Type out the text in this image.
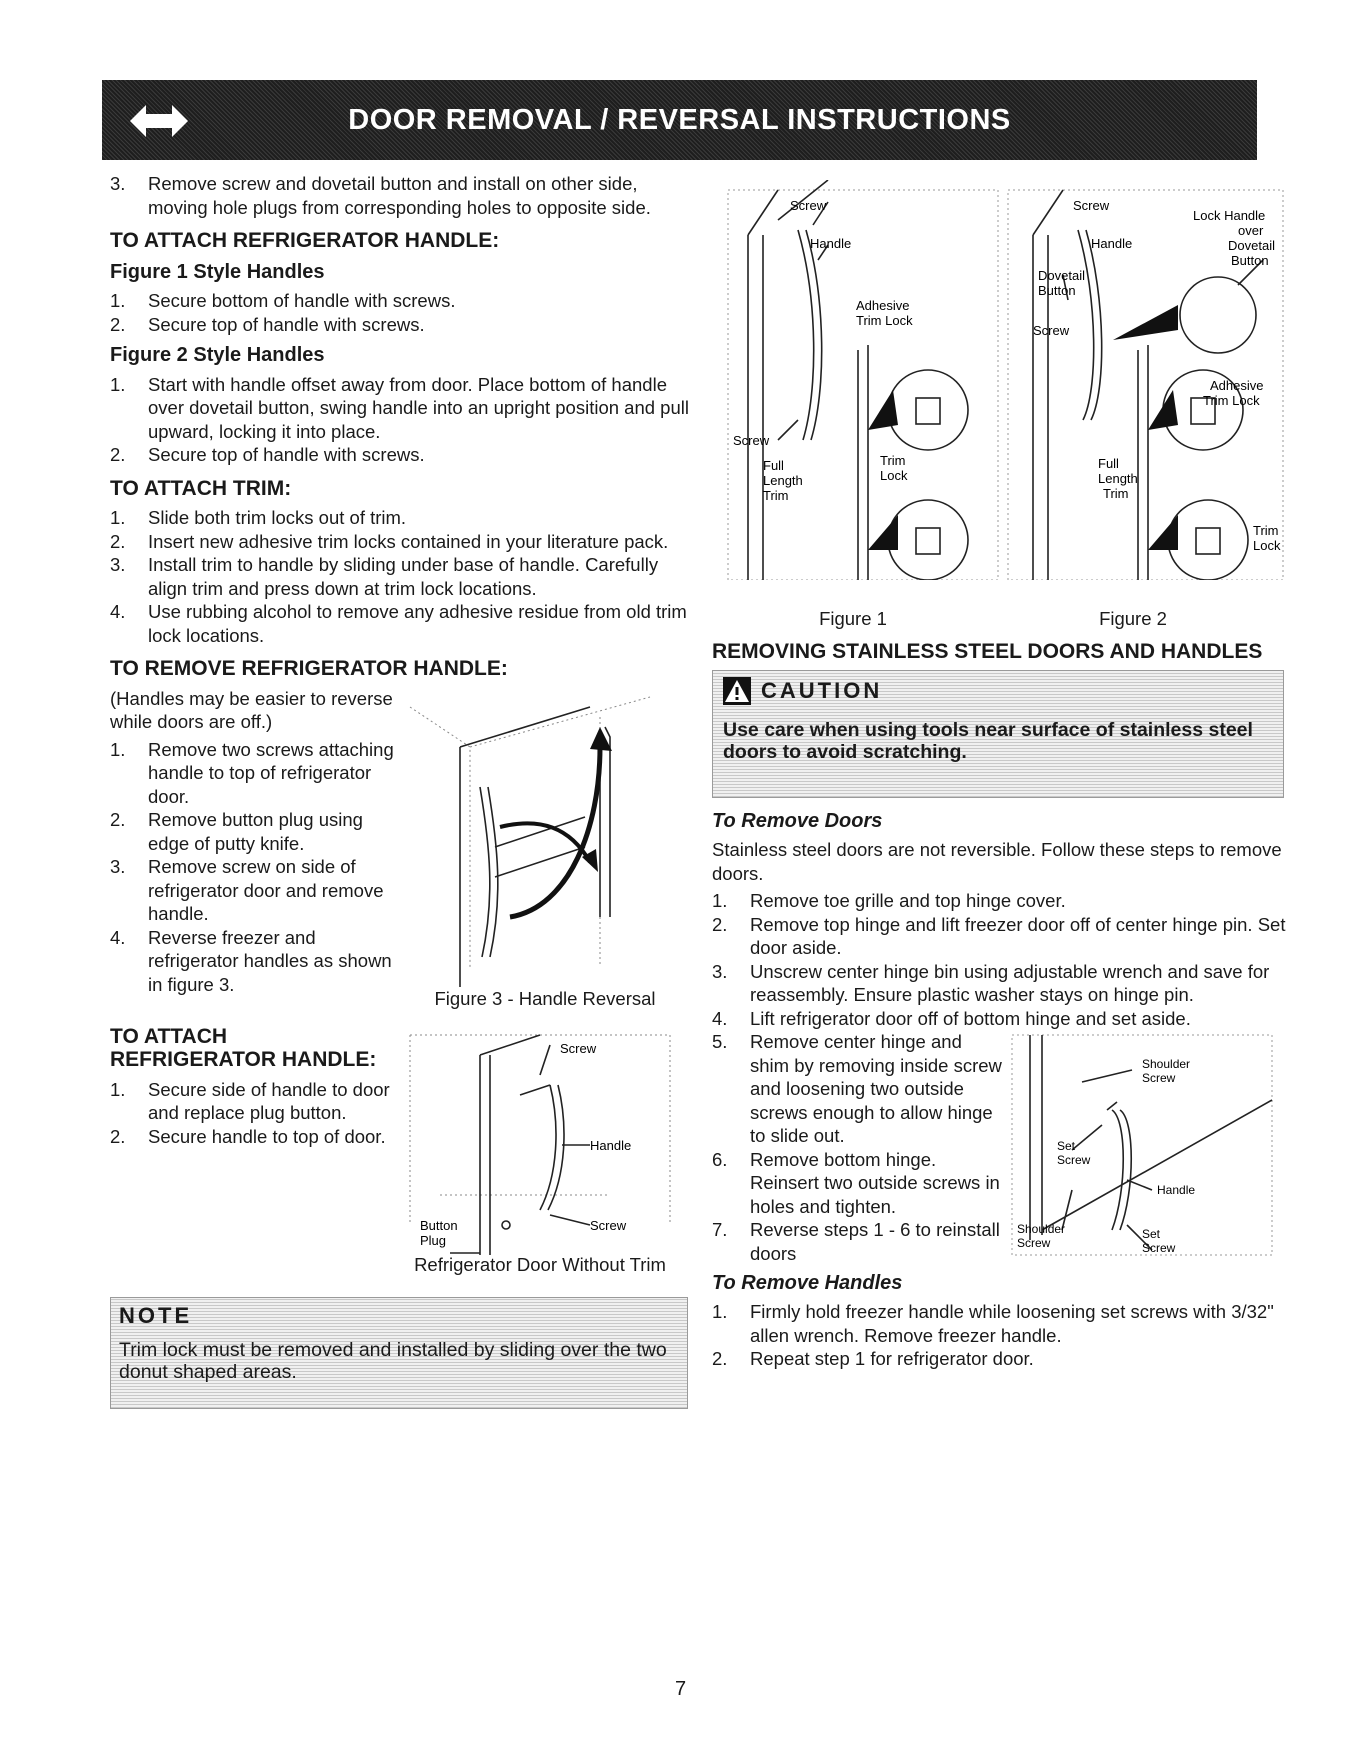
DOOR REMOVAL / REVERSAL INSTRUCTIONS
3.	Remove screw and dovetail button and install on other side, moving hole plugs from corresponding holes to opposite side.
TO ATTACH REFRIGERATOR HANDLE:
Figure 1 Style Handles
1.	Secure bottom of handle with screws.
2.	Secure top of handle with screws.
Figure 2 Style Handles
1.	Start with handle offset away from door. Place bottom of handle over dovetail button, swing handle into an upright position and pull upward, locking it into place.
2.	Secure top of handle with screws.
TO ATTACH TRIM:
1.	Slide both trim locks out of trim.
2.	Insert new adhesive trim locks contained in your literature pack.
3.	Install trim to handle by sliding under base of handle. Carefully align trim and press down at trim lock locations.
4.	Use rubbing alcohol to remove any adhesive residue from old trim lock locations.
TO REMOVE REFRIGERATOR HANDLE:

(Handles may be easier to reverse while doors are off.)

1.	Remove two screws attaching handle to top of refrigerator door.
2.	Remove button plug using edge of putty knife.
3.	Remove screw on side of refrigerator door and remove handle.
4.	Reverse freezer and refrigerator handles as shown in figure 3.
Figure 3 - Handle Reversal
TO ATTACH
REFRIGERATOR HANDLE:
1.	Secure side of handle to door and replace plug button.
2.	Secure handle to top of door.
Screw
Handle
Button
Plug
Screw
Refrigerator Door Without Trim
NOTE
Trim lock must be removed and installed by sliding over the two donut shaped areas.
Screw
Handle
Adhesive
Trim Lock
Screw
Full
Length
Trim
Trim
Lock
Screw
Handle
Lock Handle
over
Dovetail
Button
Dovetail
Button
Screw
Adhesive
Trim Lock
Full
Length
Trim
Trim
Lock
Figure 1	Figure 2
REMOVING STAINLESS STEEL DOORS AND HANDLES
CAUTION
Use care when using tools near surface of stainless steel doors to avoid scratching.
To Remove Doors

Stainless steel doors are not reversible. Follow these steps to remove doors.

1.	Remove toe grille and top hinge cover.
2.	Remove top hinge and lift freezer door off of center hinge pin. Set door aside.
3.	Unscrew center hinge bin using adjustable wrench and save for reassembly. Ensure plastic washer stays on hinge pin.
4.	Lift refrigerator door off of bottom hinge and set aside.
5.	Remove center hinge and shim by removing inside screw and loosening two outside screws enough to allow hinge to slide out.
6.	Remove bottom hinge. Reinsert two outside screws in holes and tighten.
7.	Reverse steps 1 - 6 to reinstall doors
Shoulder
Screw
Set
Screw
Handle
Shoulder
Screw
Set
Screw
To Remove Handles
1.	Firmly hold freezer handle while loosening set screws with 3/32" allen wrench. Remove freezer handle.
2.	Repeat step 1 for refrigerator door.
7
